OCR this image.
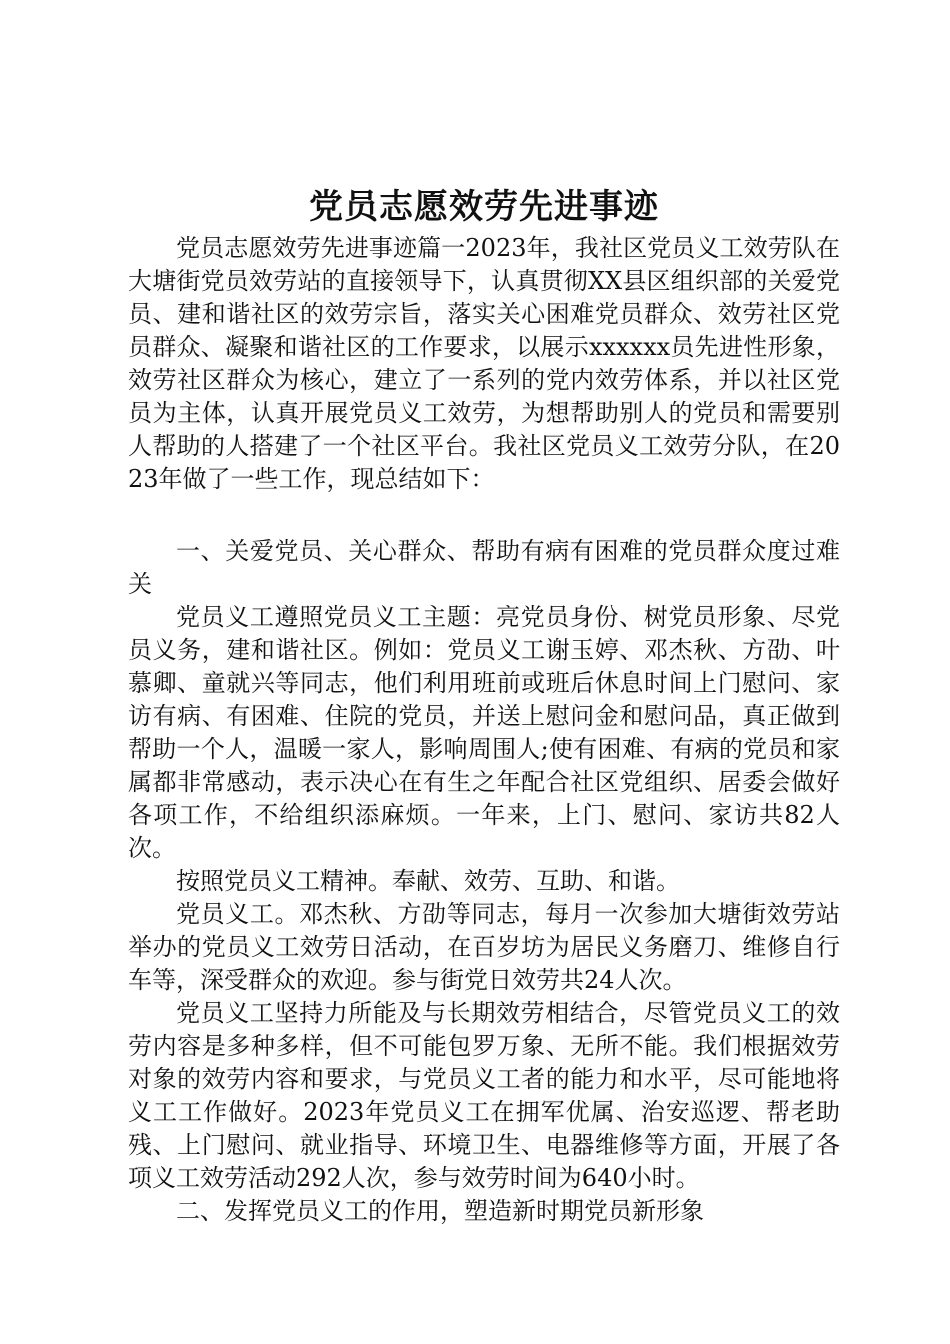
党员志愿效劳先进事迹

党员志愿效劳先进事迹篇一2023年，我社区党员义工效劳队在大塘街党员效劳站的直接领导下，认真贯彻XX县区组织部的关爱党员、建和谐社区的效劳宗旨，落实关心困难党员群众、效劳社区党员群众、凝聚和谐社区的工作要求，以展示xxxxxx员先进性形象，效劳社区群众为核心，建立了一系列的党内效劳体系，并以社区党员为主体，认真开展党员义工效劳，为想帮助别人的党员和需要别人帮助的人搭建了一个社区平台。我社区党员义工效劳分队，在2023年做了一些工作，现总结如下：

一、关爱党员、关心群众、帮助有病有困难的党员群众度过难关

党员义工遵照党员义工主题：亮党员身份、树党员形象、尽党员义务，建和谐社区。例如：党员义工谢玉婷、邓杰秋、方劭、叶慕卿、童就兴等同志，他们利用班前或班后休息时间上门慰问、家访有病、有困难、住院的党员，并送上慰问金和慰问品，真正做到帮助一个人，温暖一家人，影响周围人;使有困难、有病的党员和家属都非常感动，表示决心在有生之年配合社区党组织、居委会做好各项工作，不给组织添麻烦。一年来，上门、慰问、家访共82人次。

按照党员义工精神。奉献、效劳、互助、和谐。

党员义工。邓杰秋、方劭等同志，每月一次参加大塘街效劳站举办的党员义工效劳日活动，在百岁坊为居民义务磨刀、维修自行车等，深受群众的欢迎。参与街党日效劳共24人次。

党员义工坚持力所能及与长期效劳相结合，尽管党员义工的效劳内容是多种多样，但不可能包罗万象、无所不能。我们根据效劳对象的效劳内容和要求，与党员义工者的能力和水平，尽可能地将义工工作做好。2023年党员义工在拥军优属、治安巡逻、帮老助残、上门慰问、就业指导、环境卫生、电器维修等方面，开展了各项义工效劳活动292人次，参与效劳时间为640小时。

二、发挥党员义工的作用，塑造新时期党员新形象
